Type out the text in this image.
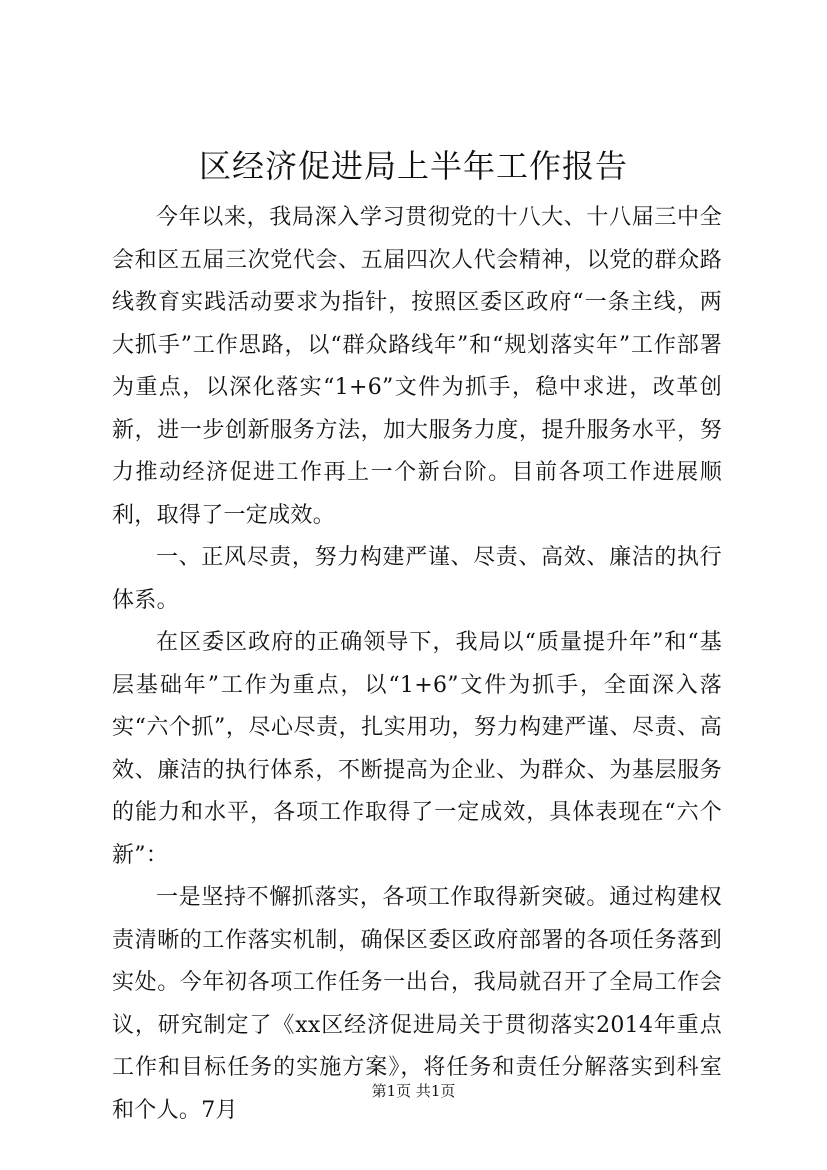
区经济促进局上半年工作报告

今年以来，我局深入学习贯彻党的十八大、十八届三中全会和区五届三次党代会、五届四次人代会精神，以党的群众路线教育实践活动要求为指针，按照区委区政府“一条主线，两大抓手”工作思路，以“群众路线年”和“规划落实年”工作部署为重点，以深化落实“1+6”文件为抓手，稳中求进，改革创新，进一步创新服务方法，加大服务力度，提升服务水平，努力推动经济促进工作再上一个新台阶。目前各项工作进展顺利，取得了一定成效。

一、正风尽责，努力构建严谨、尽责、高效、廉洁的执行体系。

在区委区政府的正确领导下，我局以“质量提升年”和“基层基础年”工作为重点，以“1+6”文件为抓手，全面深入落实“六个抓”，尽心尽责，扎实用功，努力构建严谨、尽责、高效、廉洁的执行体系，不断提高为企业、为群众、为基层服务的能力和水平，各项工作取得了一定成效，具体表现在“六个新”：

一是坚持不懈抓落实，各项工作取得新突破。通过构建权责清晰的工作落实机制，确保区委区政府部署的各项任务落到实处。今年初各项工作任务一出台，我局就召开了全局工作会议，研究制定了《xx区经济促进局关于贯彻落实2014年重点工作和目标任务的实施方案》，将任务和责任分解落实到科室和个人。7月

第1页 共1页
